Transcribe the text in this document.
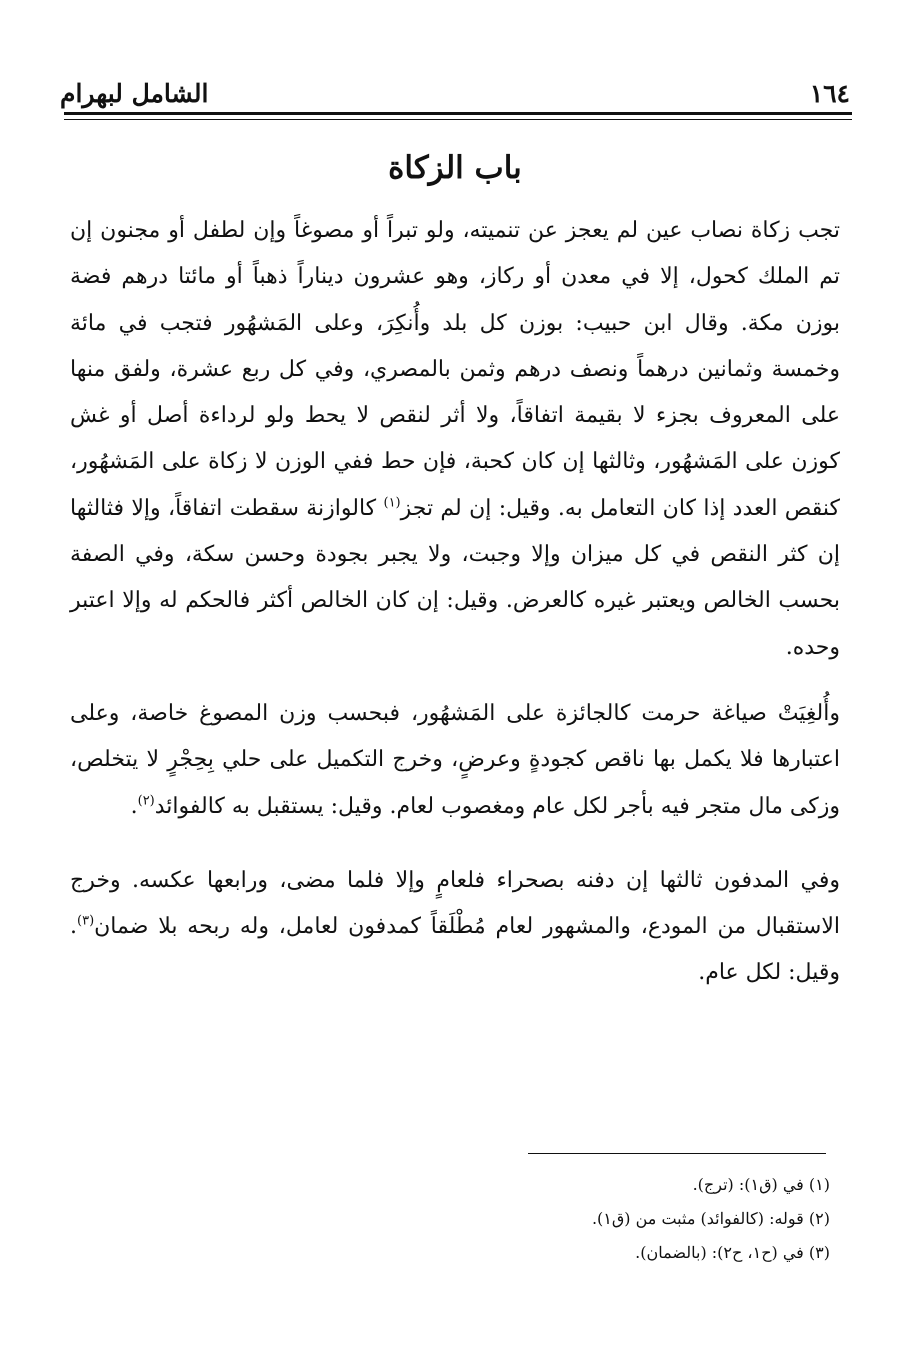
الشامل لبهرام	١٦٤
باب الزكاة

تجب زكاة نصاب عين لم يعجز عن تنميته، ولو تبراً أو مصوغاً وإن لطفل أو مجنون إن تم الملك كحول، إلا في معدن أو ركاز، وهو عشرون ديناراً ذهباً أو مائتا درهم فضة بوزن مكة. وقال ابن حبيب: بوزن كل بلد وأُنكِرَ، وعلى المَشهُور فتجب في مائة وخمسة وثمانين درهماً ونصف درهم وثمن بالمصري، وفي كل ربع عشرة، ولفق منها على المعروف بجزء لا بقيمة اتفاقاً، ولا أثر لنقص لا يحط ولو لرداءة أصل أو غش كوزن على المَشهُور، وثالثها إن كان كحبة، فإن حط ففي الوزن لا زكاة على المَشهُور، كنقص العدد إذا كان التعامل به. وقيل: إن لم تجز$^{(١)}$ كالوازنة سقطت اتفاقاً، وإلا فثالثها إن كثر النقص في كل ميزان وإلا وجبت، ولا يجبر بجودة وحسن سكة، وفي الصفة بحسب الخالص ويعتبر غيره كالعرض. وقيل: إن كان الخالص أكثر فالحكم له وإلا اعتبر وحده.

وأُلغِيَتْ صياغة حرمت كالجائزة على المَشهُور، فبحسب وزن المصوغ خاصة، وعلى اعتبارها فلا يكمل بها ناقص كجودةٍ وعرضٍ، وخرج التكميل على حلي بِحِجْرٍ لا يتخلص، وزكى مال متجر فيه بأجر لكل عام ومغصوب لعام. وقيل: يستقبل به كالفوائد$^{(٢)}$.

وفي المدفون ثالثها إن دفنه بصحراء فلعامٍ وإلا فلما مضى، ورابعها عكسه. وخرج الاستقبال من المودع، والمشهور لعام مُطْلَقاً كمدفون لعامل، وله ربحه بلا ضمان$^{(٣)}$. وقيل: لكل عام.

(١) في (ق١): (ترج).
(٢) قوله: (كالفوائد) مثبت من (ق١).
(٣) في (ح١، ح٢): (بالضمان).
